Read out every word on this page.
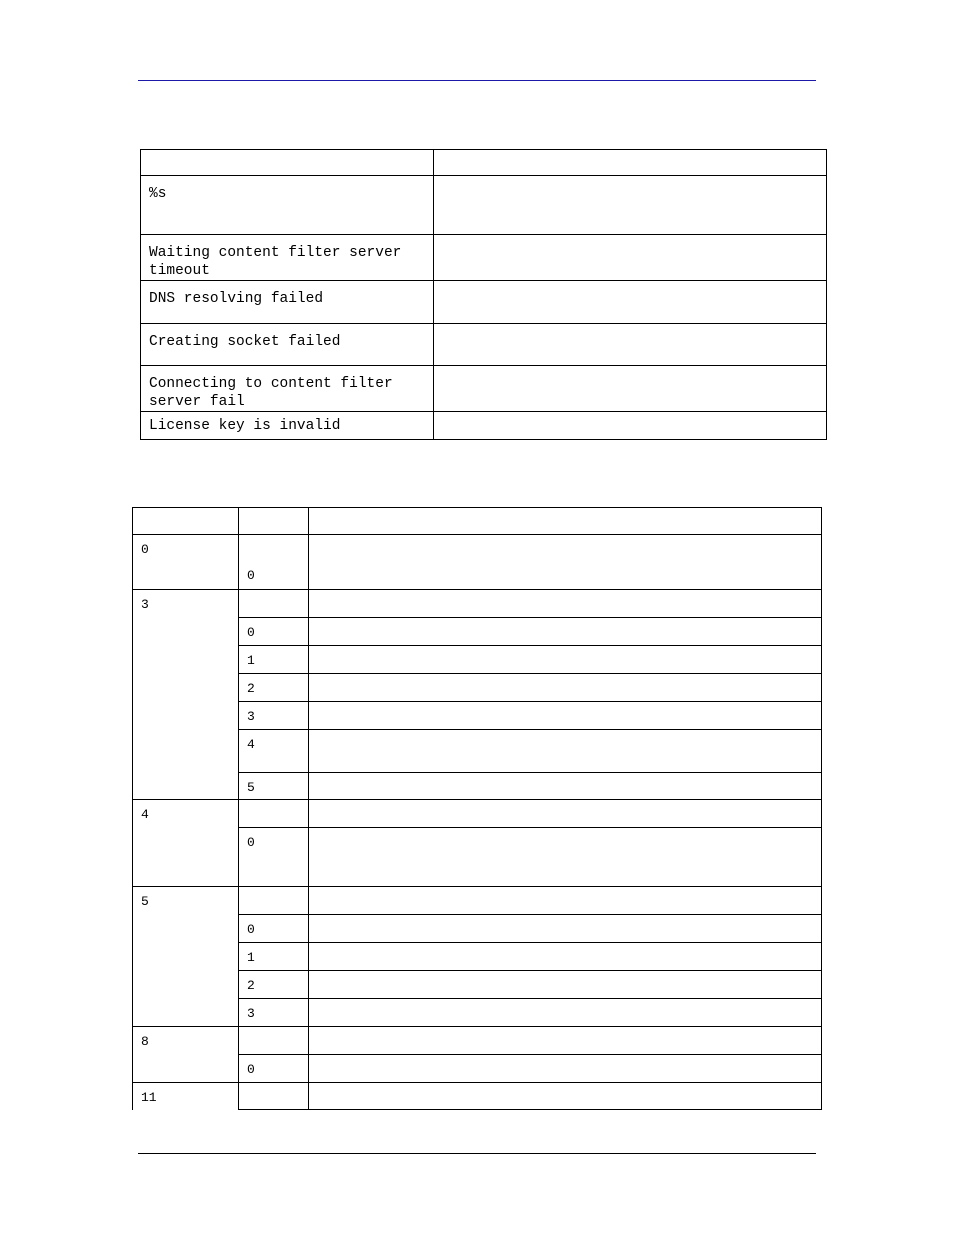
%s	
Waiting content filter server timeout	
DNS resolving failed	
Creating socket failed	
Connecting to content filter server fail	
License key is invalid	

0	0	
3		
	0	
	1	
	2	
	3	
	4	
	5	
4		
	0	
5		
	0	
	1	
	2	
	3	
8		
	0	
11		
